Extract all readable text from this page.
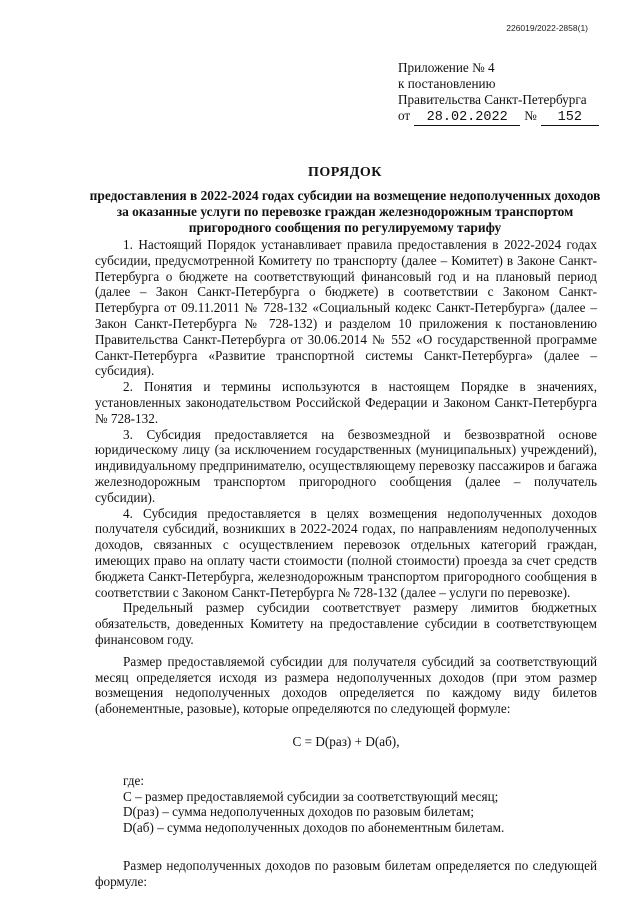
226019/2022-2858(1)
Приложение № 4
к постановлению
Правительства Санкт-Петербурга
от 28.02.2022 № 152
ПОРЯДОК
предоставления в 2022-2024 годах субсидии на возмещение недополученных доходов
за оказанные услуги по перевозке граждан железнодорожным транспортом
пригородного сообщения по регулируемому тарифу

1. Настоящий Порядок устанавливает правила предоставления в 2022-2024 годах субсидии, предусмотренной Комитету по транспорту (далее – Комитет) в Законе Санкт-Петербурга о бюджете на соответствующий финансовый год и на плановый период (далее – Закон Санкт-Петербурга о бюджете) в соответствии с Законом Санкт-Петербурга от 09.11.2011 № 728-132 «Социальный кодекс Санкт-Петербурга» (далее – Закон Санкт-Петербурга № 728-132) и разделом 10 приложения к постановлению Правительства Санкт-Петербурга от 30.06.2014 № 552 «О государственной программе Санкт-Петербурга «Развитие транспортной системы Санкт-Петербурга» (далее – субсидия).

2. Понятия и термины используются в настоящем Порядке в значениях, установленных законодательством Российской Федерации и Законом Санкт-Петербурга № 728-132.

3. Субсидия предоставляется на безвозмездной и безвозвратной основе юридическому лицу (за исключением государственных (муниципальных) учреждений), индивидуальному предпринимателю, осуществляющему перевозку пассажиров и багажа железнодорожным транспортом пригородного сообщения (далее – получатель субсидии).

4. Субсидия предоставляется в целях возмещения недополученных доходов получателя субсидий, возникших в 2022-2024 годах, по направлениям недополученных доходов, связанных с осуществлением перевозок отдельных категорий граждан, имеющих право на оплату части стоимости (полной стоимости) проезда за счет средств бюджета Санкт-Петербурга, железнодорожным транспортом пригородного сообщения в соответствии с Законом Санкт-Петербурга № 728-132 (далее – услуги по перевозке).

Предельный размер субсидии соответствует размеру лимитов бюджетных обязательств, доведенных Комитету на предоставление субсидии в соответствующем финансовом году.

Размер предоставляемой субсидии для получателя субсидий за соответствующий месяц определяется исходя из размера недополученных доходов (при этом размер возмещения недополученных доходов определяется по каждому виду билетов (абонементные, разовые), которые определяются по следующей формуле:

C = D(раз) + D(аб),

где:

C – размер предоставляемой субсидии за соответствующий месяц;

D(раз) – сумма недополученных доходов по разовым билетам;

D(аб) – сумма недополученных доходов по абонементным билетам.

Размер недополученных доходов по разовым билетам определяется по следующей формуле:
